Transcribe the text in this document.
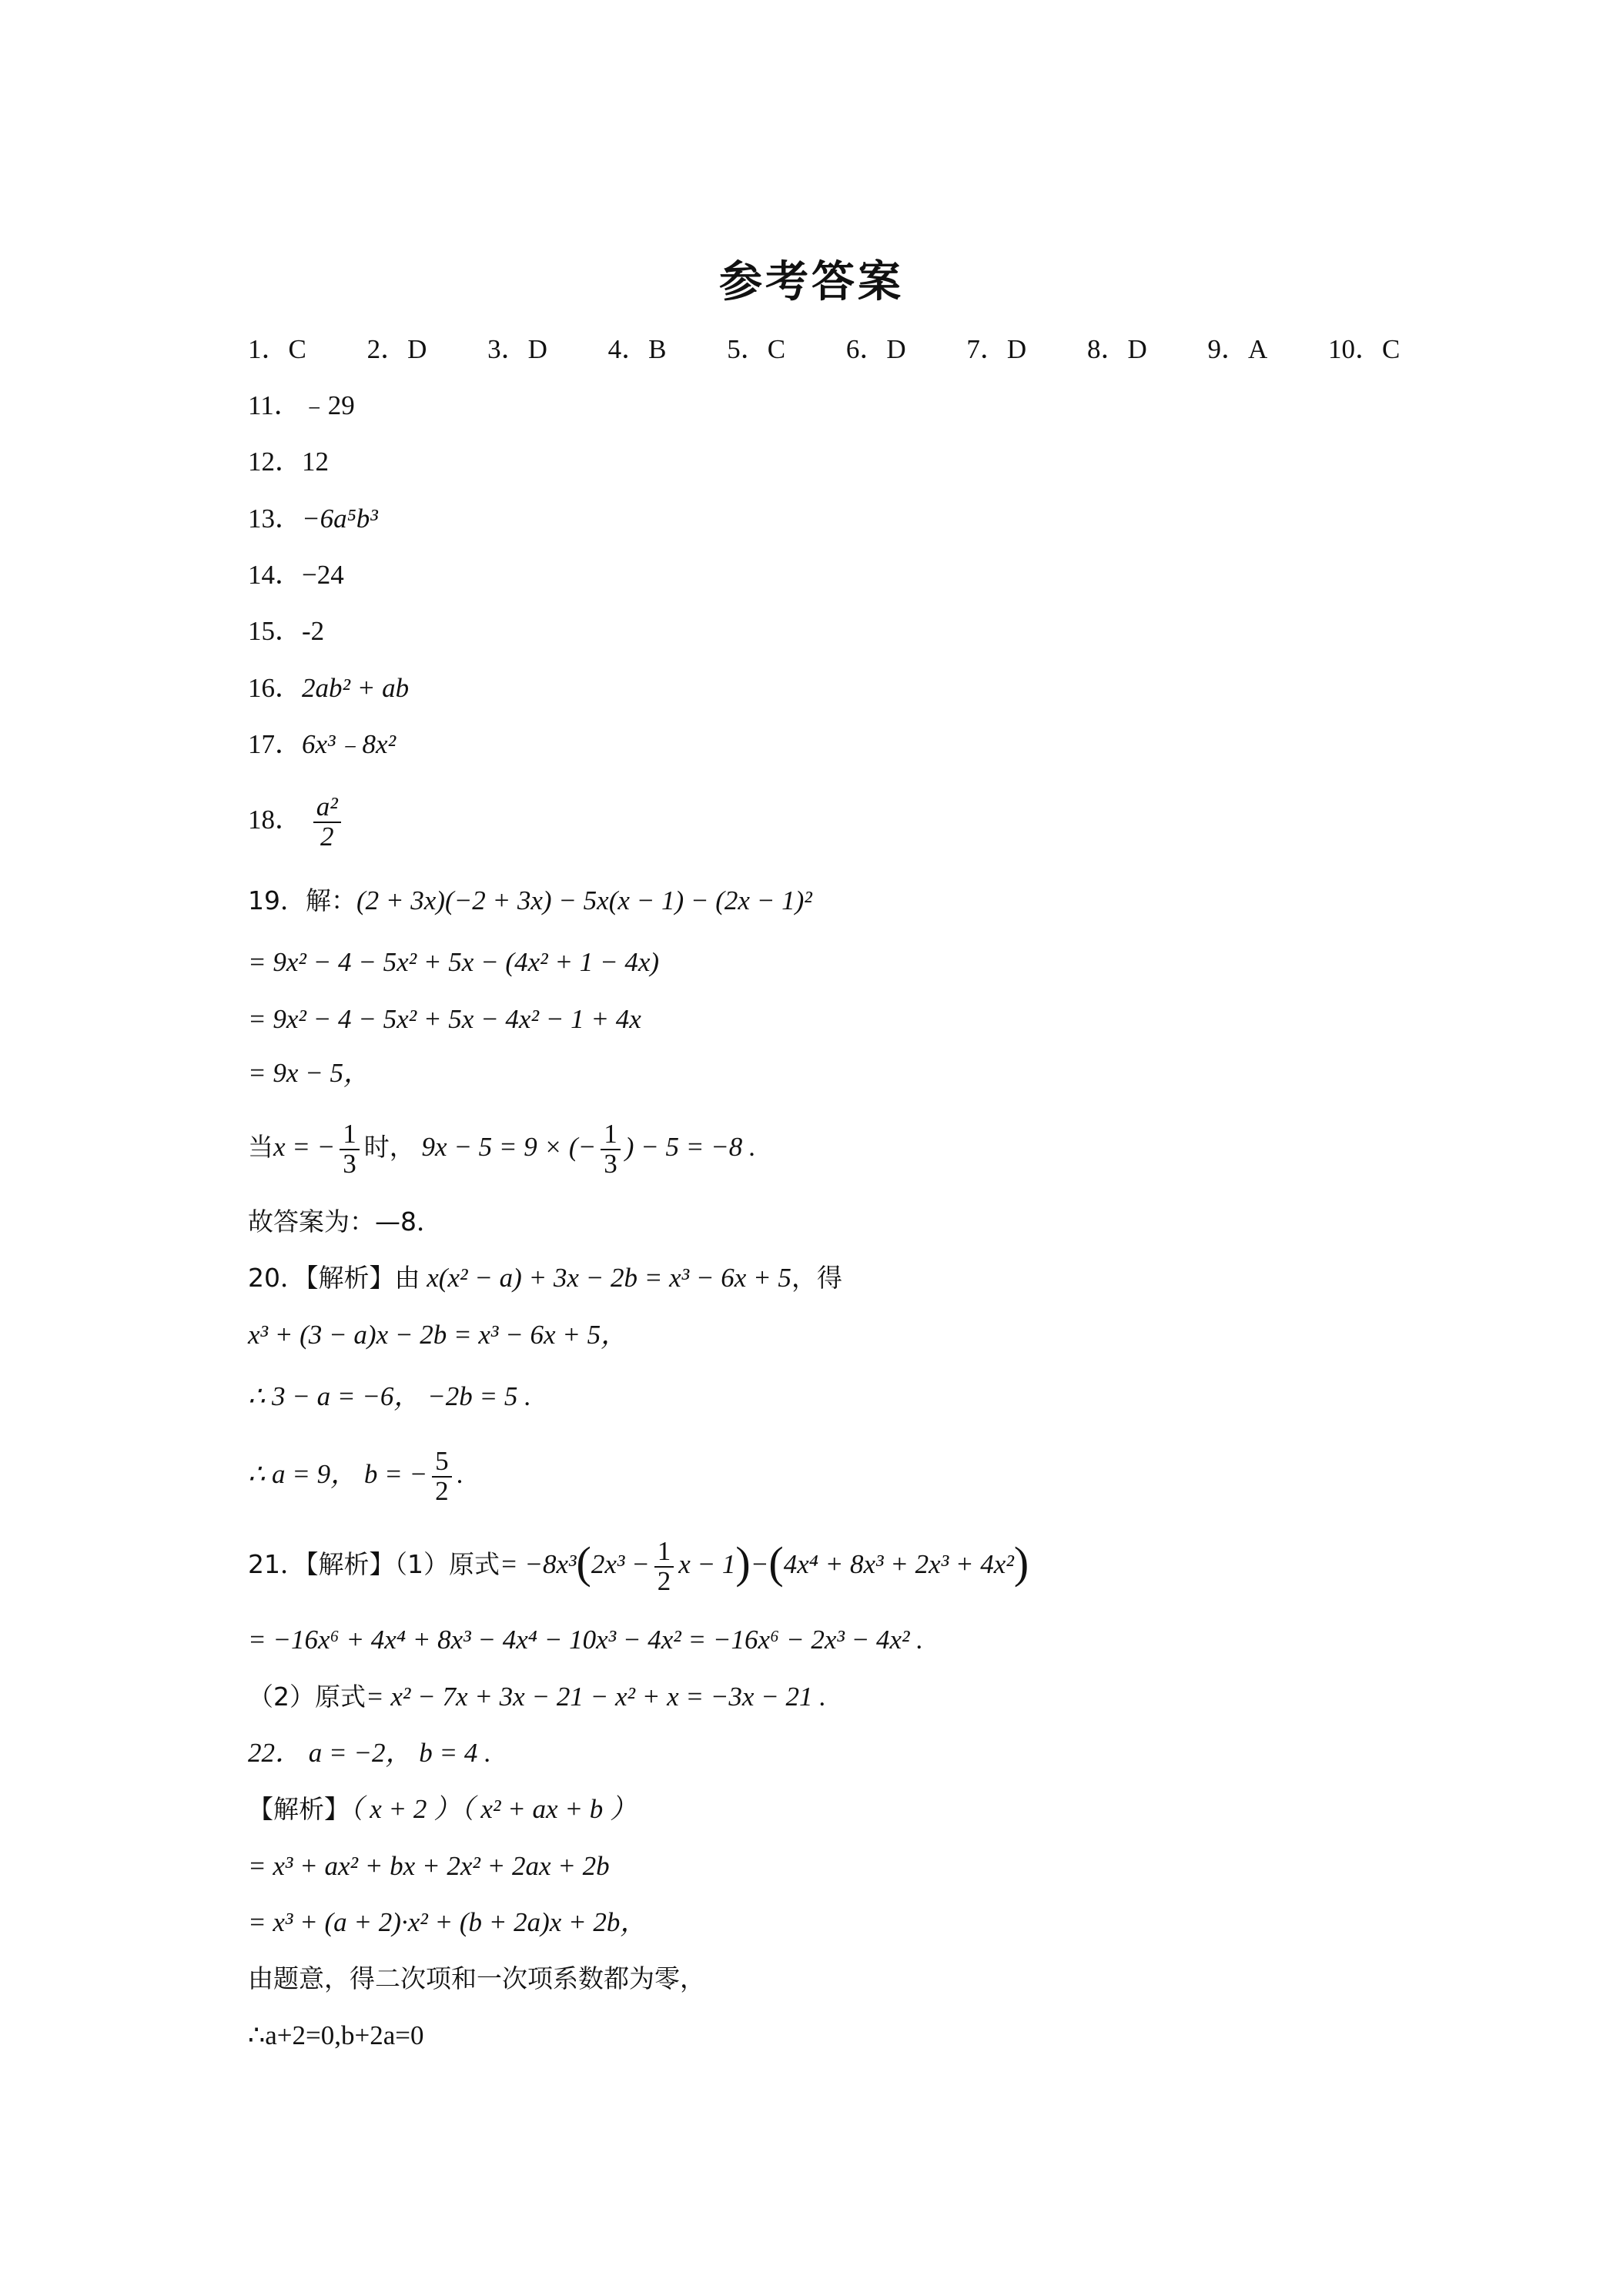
参考答案
1．C 2．D 3．D 4．B 5．C 6．D 7．D 8．D 9．A 10．C
11．﹣29
12．12
13．−6a⁵b³
14．−24
15．-2
16．2ab² + ab
17．6x³﹣8x²
18． $\frac{\text{a²}}{2}$
19．解：(2 + 3x)(−2 + 3x) − 5x(x − 1) − (2x − 1)²
= 9x² − 4 − 5x² + 5x − (4x² + 1 − 4x)
= 9x² − 4 − 5x² + 5x − 4x² − 1 + 4x
= 9x − 5，
当x = − $\frac{1}{3}$ 时， 9x − 5 = 9 × (− $\frac{1}{3}$ ) − 5 = −8 .
故答案为：—8．
20．【解析】由 x(x² − a) + 3x − 2b = x³ − 6x + 5，得
x³ + (3 − a)x − 2b = x³ − 6x + 5，
∴ 3 − a = −6， −2b = 5 .
∴ a = 9， b = − $\frac{5}{2}$ .
21．【解析】（1）原式= $-8x^3(2x^3 - \frac{1}{2}$ x − 1)−(4x⁴ + 8x³ + 2x³ + 4x²)
= −16x⁶ + 4x⁴ + 8x³ − 4x⁴ − 10x³ − 4x² = −16x⁶ − 2x³ − 4x² .
（2）原式= x² − 7x + 3x − 21 − x² + x = −3x − 21 .
22． a = −2， b = 4 .
【解析】（ x + 2 ）（ x² + ax + b ）
= x³ + ax² + bx + 2x² + 2ax + 2b
= x³ + (a + 2)·x² + (b + 2a)x + 2b，
由题意，得二次项和一次项系数都为零，
∴a+2=0,b+2a=0
